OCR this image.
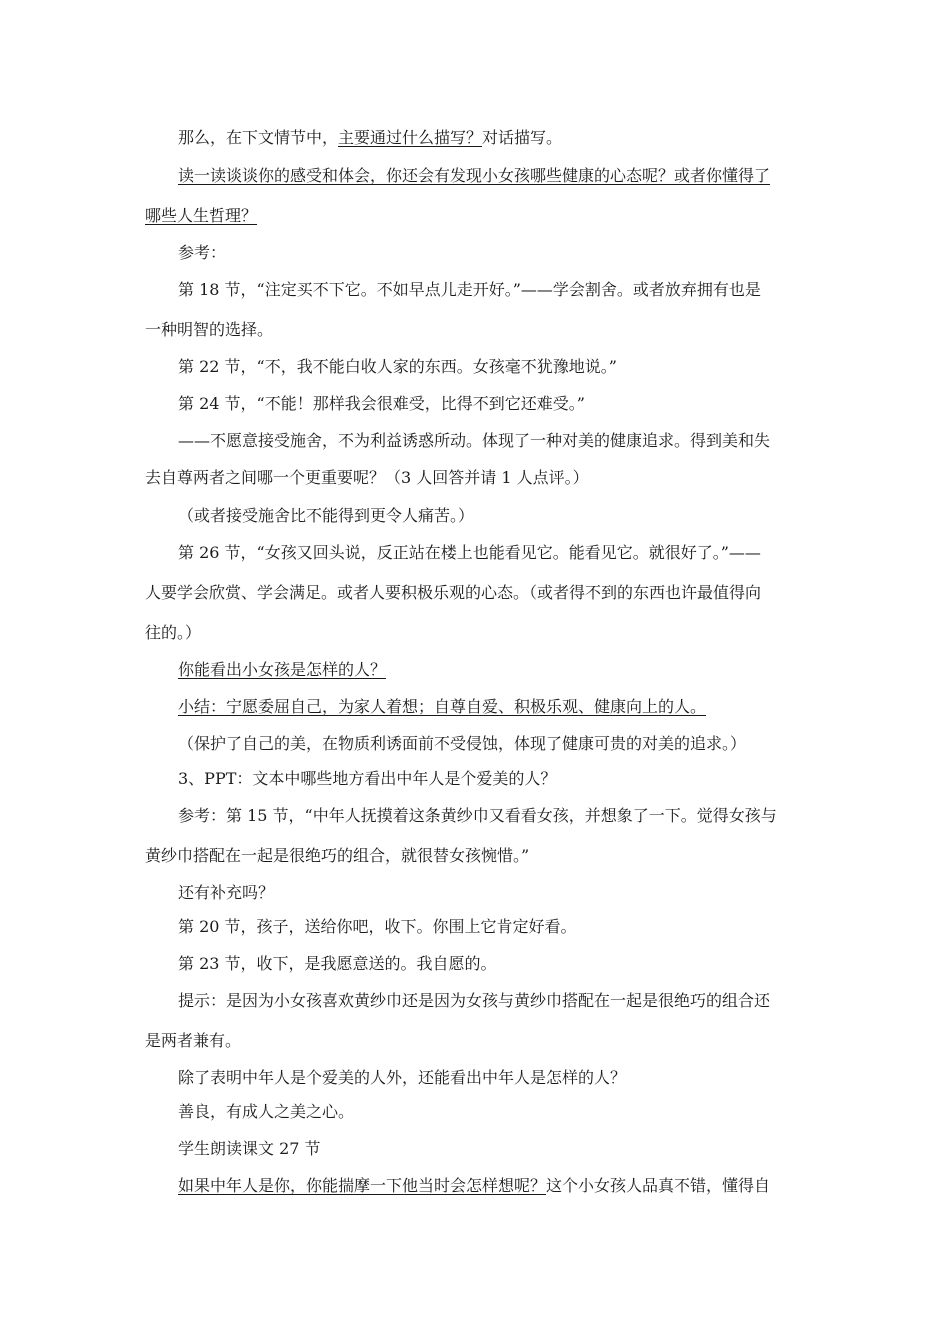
那么，在下文情节中，主要通过什么描写？对话描写。
读一读谈谈你的感受和体会，你还会有发现小女孩哪些健康的心态呢？或者你懂得了
哪些人生哲理？
参考：
第 18 节，“注定买不下它。不如早点儿走开好。”——学会割舍。或者放弃拥有也是
一种明智的选择。
第 22 节，“不，我不能白收人家的东西。女孩毫不犹豫地说。”
第 24 节，“不能！那样我会很难受，比得不到它还难受。”
——不愿意接受施舍，不为利益诱惑所动。体现了一种对美的健康追求。得到美和失
去自尊两者之间哪一个更重要呢？（3 人回答并请 1 人点评。）
（或者接受施舍比不能得到更令人痛苦。）
第 26 节，“女孩又回头说，反正站在楼上也能看见它。能看见它。就很好了。”——
人要学会欣赏、学会满足。或者人要积极乐观的心态。（或者得不到的东西也许最值得向
往的。）
你能看出小女孩是怎样的人？
小结：宁愿委屈自己，为家人着想；自尊自爱、积极乐观、健康向上的人。
（保护了自己的美，在物质利诱面前不受侵蚀，体现了健康可贵的对美的追求。）
3、PPT：文本中哪些地方看出中年人是个爱美的人？
参考：第 15 节，“中年人抚摸着这条黄纱巾又看看女孩，并想象了一下。觉得女孩与
黄纱巾搭配在一起是很绝巧的组合，就很替女孩惋惜。”
还有补充吗？
第 20 节，孩子，送给你吧，收下。你围上它肯定好看。
第 23 节，收下，是我愿意送的。我自愿的。
提示：是因为小女孩喜欢黄纱巾还是因为女孩与黄纱巾搭配在一起是很绝巧的组合还
是两者兼有。
除了表明中年人是个爱美的人外，还能看出中年人是怎样的人？
善良，有成人之美之心。
学生朗读课文 27 节
如果中年人是你，你能揣摩一下他当时会怎样想呢？这个小女孩人品真不错，懂得自
